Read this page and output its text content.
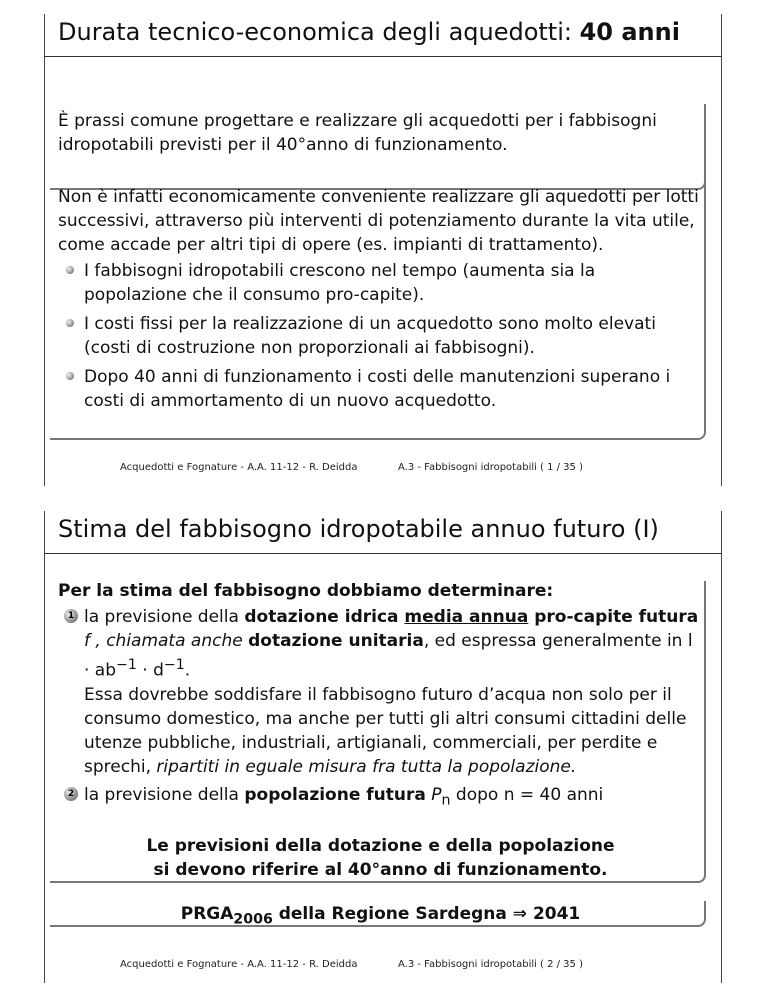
Durata tecnico-economica degli aquedotti: 40 anni
È prassi comune progettare e realizzare gli acquedotti per i fabbisogni idropotabili previsti per il 40°anno di funzionamento.
Non è infatti economicamente conveniente realizzare gli aquedotti per lotti successivi, attraverso più interventi di potenziamento durante la vita utile, come accade per altri tipi di opere (es. impianti di trattamento).
I fabbisogni idropotabili crescono nel tempo (aumenta sia la popolazione che il consumo pro-capite).
I costi fissi per la realizzazione di un acquedotto sono molto elevati (costi di costruzione non proporzionali ai fabbisogni).
Dopo 40 anni di funzionamento i costi delle manutenzioni superano i costi di ammortamento di un nuovo acquedotto.
Acquedotti e Fognature - A.A. 11-12 - R. Deidda	A.3 - Fabbisogni idropotabili ( 1 / 35 )
Stima del fabbisogno idropotabile annuo futuro (I)
Per la stima del fabbisogno dobbiamo determinare:
1 la previsione della dotazione idrica media annua pro-capite futura f , chiamata anche dotazione unitaria, ed espressa generalmente in $l \cdot ab^{-1} \cdot d^{-1}$.
Essa dovrebbe soddisfare il fabbisogno futuro d’acqua non solo per il consumo domestico, ma anche per tutti gli altri consumi cittadini delle utenze pubbliche, industriali, artigianali, commerciali, per perdite e sprechi, ripartiti in eguale misura fra tutta la popolazione.
2 la previsione della popolazione futura $P_n$ dopo n = 40 anni
Le previsioni della dotazione e della popolazione
si devono riferire al 40°anno di funzionamento.
$PRGA_{2006}$ della Regione Sardegna ⇒ 2041
Acquedotti e Fognature - A.A. 11-12 - R. Deidda	A.3 - Fabbisogni idropotabili ( 2 / 35 )
